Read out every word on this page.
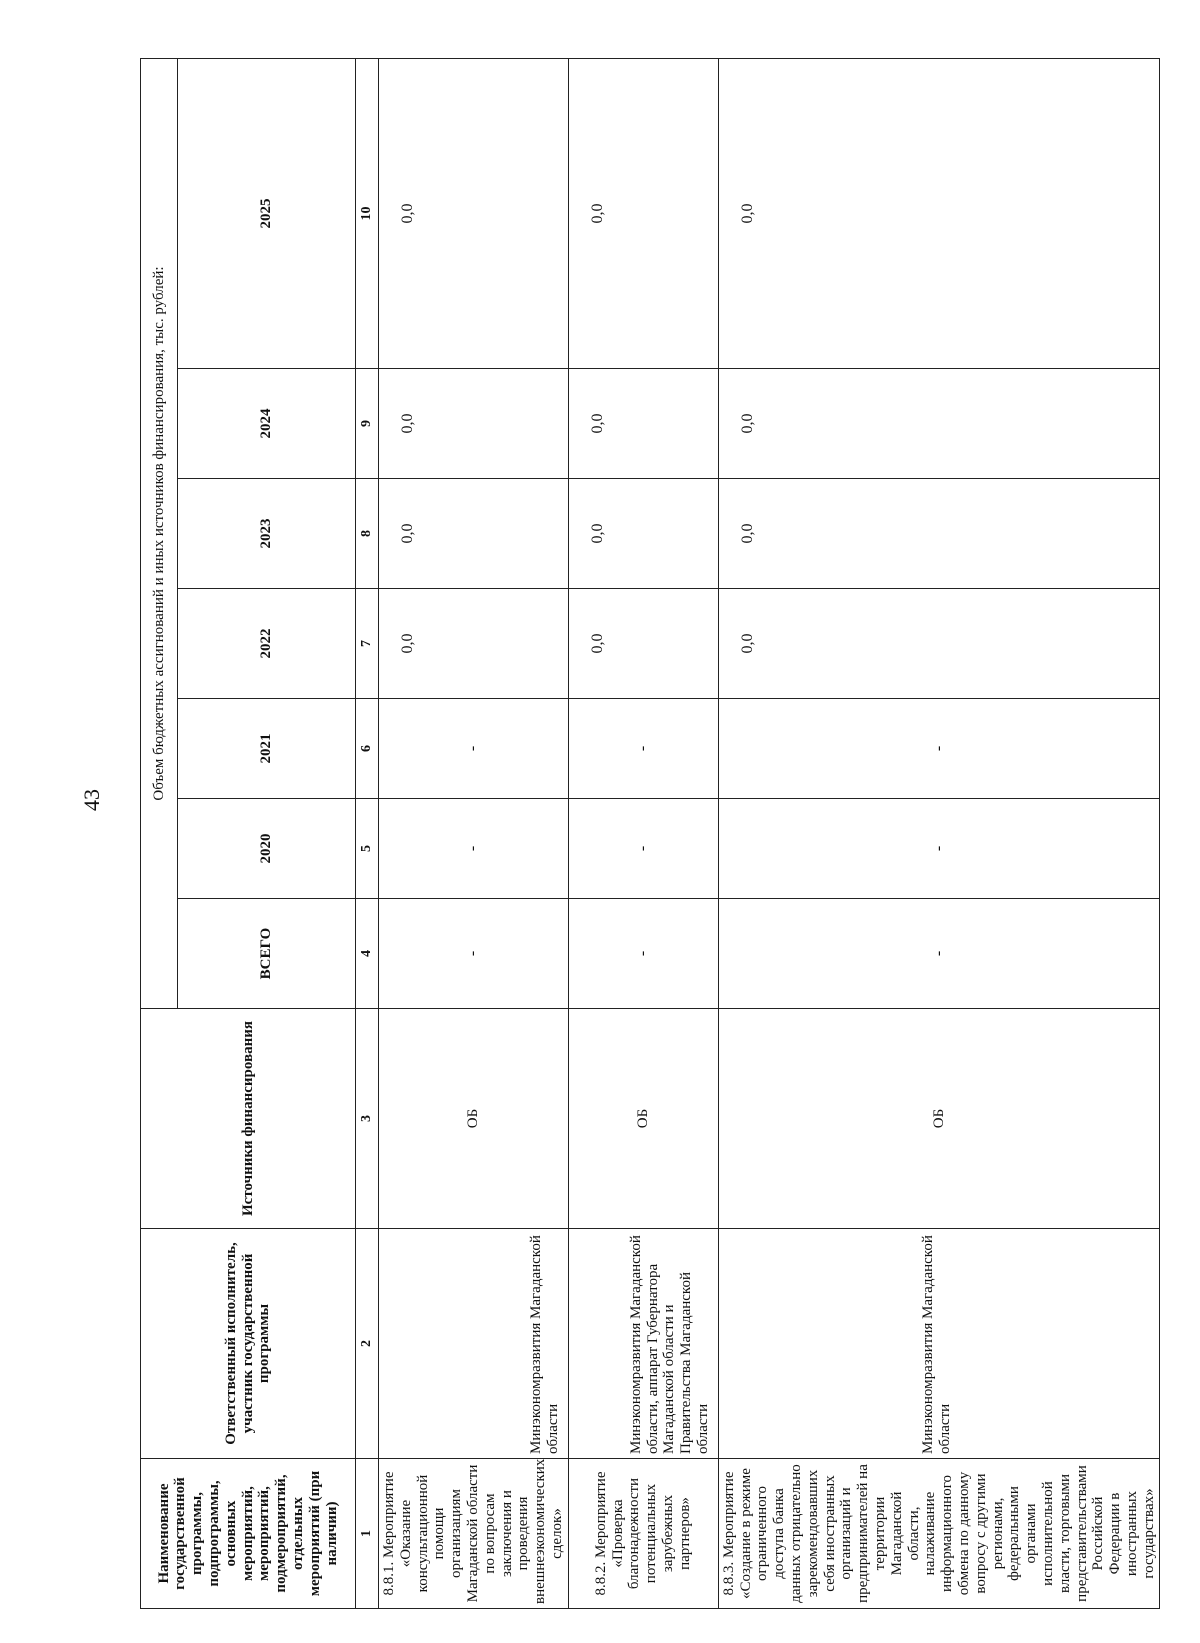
43
Наименование государственной программы, подпрограммы, основных мероприятий, мероприятий, подмероприятий, отдельных мероприятий (при наличии)	Ответственный исполнитель, участник государственной программы	Источники финансирования	Объем бюджетных ассигнований и иных источников финансирования, тыс. рублей:						
			ВСЕГО	2020	2021	2022	2023	2024	2025
1	2	3	4	5	6	7	8	9	10
8.8.1. Мероприятие «Оказание консультационной помощи организациям Магаданской области по вопросам заключения и проведения внешнеэкономических сделок»	Минэкономразвития Магаданской области	ОБ	-	-	-	0,0	0,0	0,0	0,0
8.8.2. Мероприятие «Проверка благонадежности потенциальных зарубежных партнеров»	Минэкономразвития Магаданской области, аппарат Губернатора Магаданской области и Правительства Магаданской области	ОБ	-	-	-	0,0	0,0	0,0	0,0
8.8.3. Мероприятие «Создание в режиме ограниченного доступа банка данных отрицательно зарекомендовавших себя иностранных организаций и предпринимателей на территории Магаданской области, налаживание информационного обмена по данному вопросу с другими регионами, федеральными органами исполнительной власти, торговыми представительствами Российской Федерации в иностранных государствах»	Минэкономразвития Магаданской области	ОБ	-	-	-	0,0	0,0	0,0	0,0
